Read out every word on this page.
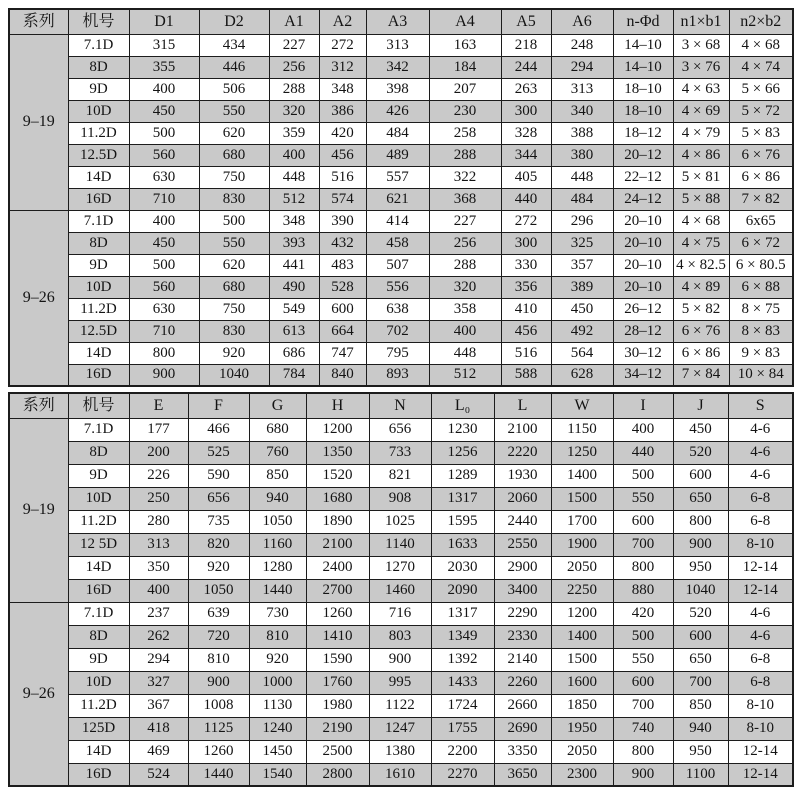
系列	机号	D1	D2	A1	A2	A3	A4	A5	A6	n-Φd	n1×b1	n2×b2
9–19	7.1D	315	434	227	272	313	163	218	248	14–10	3 × 68	4 × 68
	8D	355	446	256	312	342	184	244	294	14–10	3 × 76	4 × 74
	9D	400	506	288	348	398	207	263	313	18–10	4 × 63	5 × 66
	10D	450	550	320	386	426	230	300	340	18–10	4 × 69	5 × 72
	11.2D	500	620	359	420	484	258	328	388	18–12	4 × 79	5 × 83
	12.5D	560	680	400	456	489	288	344	380	20–12	4 × 86	6 × 76
	14D	630	750	448	516	557	322	405	448	22–12	5 × 81	6 × 86
	16D	710	830	512	574	621	368	440	484	24–12	5 × 88	7 × 82
9–26	7.1D	400	500	348	390	414	227	272	296	20–10	4 × 68	6x65
	8D	450	550	393	432	458	256	300	325	20–10	4 × 75	6 × 72
	9D	500	620	441	483	507	288	330	357	20–10	4 × 82.5	6 × 80.5
	10D	560	680	490	528	556	320	356	389	20–10	4 × 89	6 × 88
	11.2D	630	750	549	600	638	358	410	450	26–12	5 × 82	8 × 75
	12.5D	710	830	613	664	702	400	456	492	28–12	6 × 76	8 × 83
	14D	800	920	686	747	795	448	516	564	30–12	6 × 86	9 × 83
	16D	900	1040	784	840	893	512	588	628	34–12	7 × 84	10 × 84
系列	机号	E	F	G	H	N	L₀	L	W	I	J	S
9–19	7.1D	177	466	680	1200	656	1230	2100	1150	400	450	4-6
	8D	200	525	760	1350	733	1256	2220	1250	440	520	4-6
	9D	226	590	850	1520	821	1289	1930	1400	500	600	4-6
	10D	250	656	940	1680	908	1317	2060	1500	550	650	6-8
	11.2D	280	735	1050	1890	1025	1595	2440	1700	600	800	6-8
	12 5D	313	820	1160	2100	1140	1633	2550	1900	700	900	8-10
	14D	350	920	1280	2400	1270	2030	2900	2050	800	950	12-14
	16D	400	1050	1440	2700	1460	2090	3400	2250	880	1040	12-14
9–26	7.1D	237	639	730	1260	716	1317	2290	1200	420	520	4-6
	8D	262	720	810	1410	803	1349	2330	1400	500	600	4-6
	9D	294	810	920	1590	900	1392	2140	1500	550	650	6-8
	10D	327	900	1000	1760	995	1433	2260	1600	600	700	6-8
	11.2D	367	1008	1130	1980	1122	1724	2660	1850	700	850	8-10
	125D	418	1125	1240	2190	1247	1755	2690	1950	740	940	8-10
	14D	469	1260	1450	2500	1380	2200	3350	2050	800	950	12-14
	16D	524	1440	1540	2800	1610	2270	3650	2300	900	1100	12-14
